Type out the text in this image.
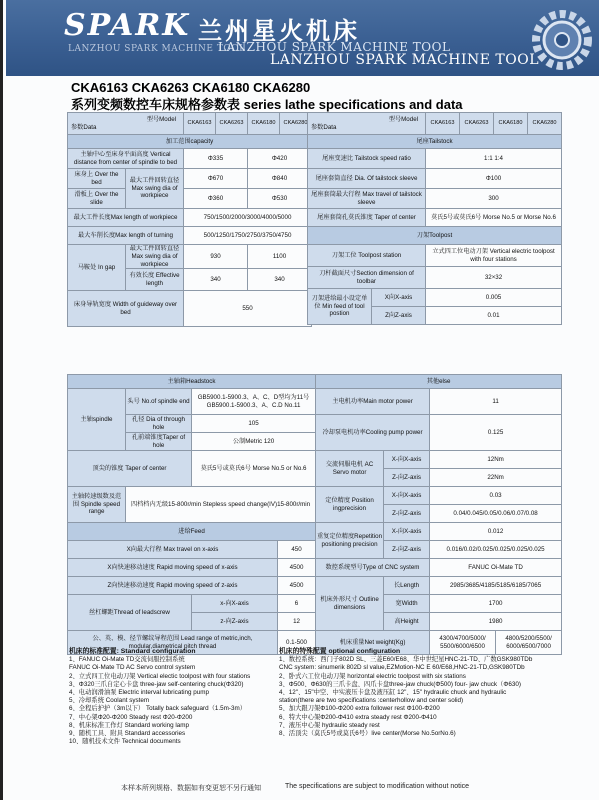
SPARK 兰州星火机床
LANZHOU SPARK MACHINE TOOL
LANZHOU SPARK MACHINE TOOL
LANZHOU SPARK MACHINE TOOL
CKA6163 CKA6263 CKA6180 CKA6280
系列变频数控车床规格参数表 series lathe specifications and data
型号Model
参数Data		CKA6163	CKA6263	CKA6180	CKA6280
加工范围capacity					
主轴中心至床身平面高度 Vertical distance from center of spindle to bed		Φ335		Φ420	
床身上 Over the bed	最大工件回转直径 Max swing dia of workpiece	Φ670		Φ840	
滑板上 Over the slide		Φ360		Φ530	
最大工件长度Max length of workpiece		750/1500/2000/3000/4000/5000			
最大车削长度Max length of turning		500/1250/1750/2750/3750/4750			
马鞍处 In gap	最大工件回转直径 Max swing dia of workpiece	930		1100	
	有效长度 Effective length	340		340	
床身导轨宽度 Width of guideway over bed		550			
型号Model
参数Data		CKA6163	CKA6263	CKA6180	CKA6280
尾座Tailstock					
尾座变速比 Tailstock speed ratio		1:1 1:4			
尾座套筒直径 Dia. Of tailstock sleeve		Φ100			
尾座套筒最大行程 Max travel of tailstock sleeve		300			
尾座套筒孔莫氏锥度 Taper of center		莫氏5号或莫氏6号 Morse No.5 or Morse No.6			
刀架Toolpost					
刀架工位 Toolpost station		立式四工位电动刀架 Vertical electric toolpost with four stations			
刀杆截面尺寸Section dimension of toolbar		32×32			
刀架进给最小设定单位 Min feed of tool postion	X向X-axis	0.005			
	Z向Z-axis	0.01			
主轴箱Headstock				其他else			
主轴spindle	头号 No.of spindle end	GB5900.1-5900.3、A、C、D型均为11号 GB5900.1-5900.3、A、C.D No.11		主电机功率Main motor power		11	
	孔径 Dia of through hole	105		冷却泵电机功率Cooling pump power		0.125	
	孔前端锥度Taper of hole	公制Metric 120					
顶尖的锥度 Taper of center		莫氏5号或莫氏6号 Morse No.5 or No.6		交流伺服电机 AC Servo motor	X-向X-axis	12Nm	
					Z-向Z-axis	22Nm	
主轴转速级数及范围 Spindle speed range	四档档内无级15-800r/min Stepless speed change(IV)15-800r/min			定位精度 Position ingprecision	X-向X-axis	0.03	
					Z-向Z-axis	0.04/0.045/0.05/0.06/0.07/0.08	
进给Feed				重复定位精度Repetition positioning precision	X-向X-axis	0.012	
X向最大行程 Max travel on x-axis			450		Z-向Z-axis	0.016/0.02/0.025/0.025/0.025/0.025	
X向快速移动速度 Rapid moving speed of x-axis			4500	数控系统型号Type of CNC system		FANUC Oi-Mate TD	
Z向快速移动速度 Rapid moving speed of z-axis			4500	机床外形尺寸 Outline dimensions	长Length	2985/3685/4185/5185/6185/7065	
丝杠螺距Thread of leadscrew		x-向X-axis	6		宽Width	1700	
		z-向Z-axis	12		高Height	1980	
公、英、模、径节螺纹导程范围 Lead range of metric,inch, modular,diametrical pitch thread			0.1-500	机床重量Net weight(Kg)		4300/4700/5000/ 5500/6000/6500	4800/5200/5500/ 6000/6500/7000
机床的标准配置: Standard configuration
1、FANUC Oi-Mate TD交流伺服控制系统
FANUC Oi-Mate TD AC Servo control system
2、立式四工位电动刀架 Vertical electic toolpost with four stations
3、Φ320三爪自定心卡盘 three-jaw self-centering chuck(Φ320)
4、电动润滑油泵 Electric interval lubricating pump
5、冷却系统 Coolant system
6、全程后护护（3m以下） Totally back safeguard（1.5m-3m）
7、中心架Φ20-Φ200 Steady rest Φ20-Φ200
8、机床标准工作灯 Standard working lamp
9、随机工具、附具 Standard accessories
10、随机技术文件 Technical documents
机床的特殊配置 optional configuration
1、数控系统：西门子802D SL、三菱E60/E68、华中世纪星HNC-21-TD、广数GSK980TDb
CNC system: sinumerik 802D sl value,EZMotion-NC E 60/E68,HNC-21-TD,GSK980TDb
2、卧式六工位电动刀架 horizontal electric toolpost with six stations
3、Φ500、Φ630的三爪卡盘、四爪卡盘three-jaw chuck(Φ500) four- jaw chuck（Φ630)
4、12"、15"中空、中实液压卡盘及液压缸 12"、15" hydraulic chuck and hydraulic
station(there are two specifications :centerhollow and center solid)
5、加大跟刀架Φ100-Φ200 extra follower rest Φ100-Φ200
6、特大中心架Φ200-Φ410 extra steady rest Φ200-Φ410
7、液压中心架 hydraulic steady rest
8、活顶尖（莫氏5号或莫氏6号）live center(Morse No.5orNo.6)
本样本所列规格、数据如有变更恕不另行通知	The specifications are subject to modification without notice
